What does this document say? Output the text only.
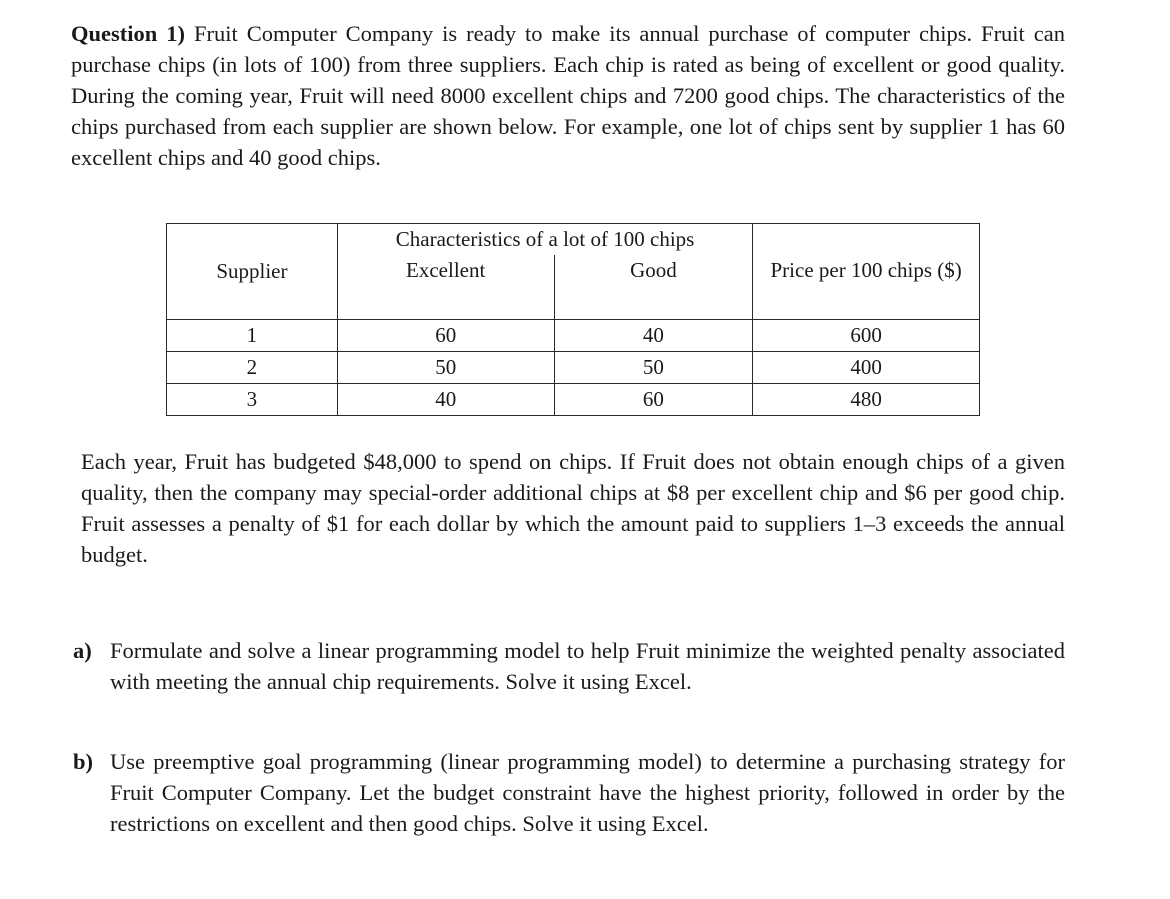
Question 1) Fruit Computer Company is ready to make its annual purchase of computer chips. Fruit can purchase chips (in lots of 100) from three suppliers. Each chip is rated as being of excellent or good quality. During the coming year, Fruit will need 8000 excellent chips and 7200 good chips. The characteristics of the chips purchased from each supplier are shown below. For example, one lot of chips sent by supplier 1 has 60 excellent chips and 40 good chips.

Supplier	Characteristics of a lot of 100 chips		Price per 100 chips ($)
	Excellent	Good	
1	60	40	600
2	50	50	400
3	40	60	480

Each year, Fruit has budgeted $48,000 to spend on chips. If Fruit does not obtain enough chips of a given quality, then the company may special-order additional chips at $8 per excellent chip and $6 per good chip. Fruit assesses a penalty of $1 for each dollar by which the amount paid to suppliers 1–3 exceeds the annual budget.

a) Formulate and solve a linear programming model to help Fruit minimize the weighted penalty associated with meeting the annual chip requirements. Solve it using Excel.
b) Use preemptive goal programming (linear programming model) to determine a purchasing strategy for Fruit Computer Company. Let the budget constraint have the highest priority, followed in order by the restrictions on excellent and then good chips. Solve it using Excel.
